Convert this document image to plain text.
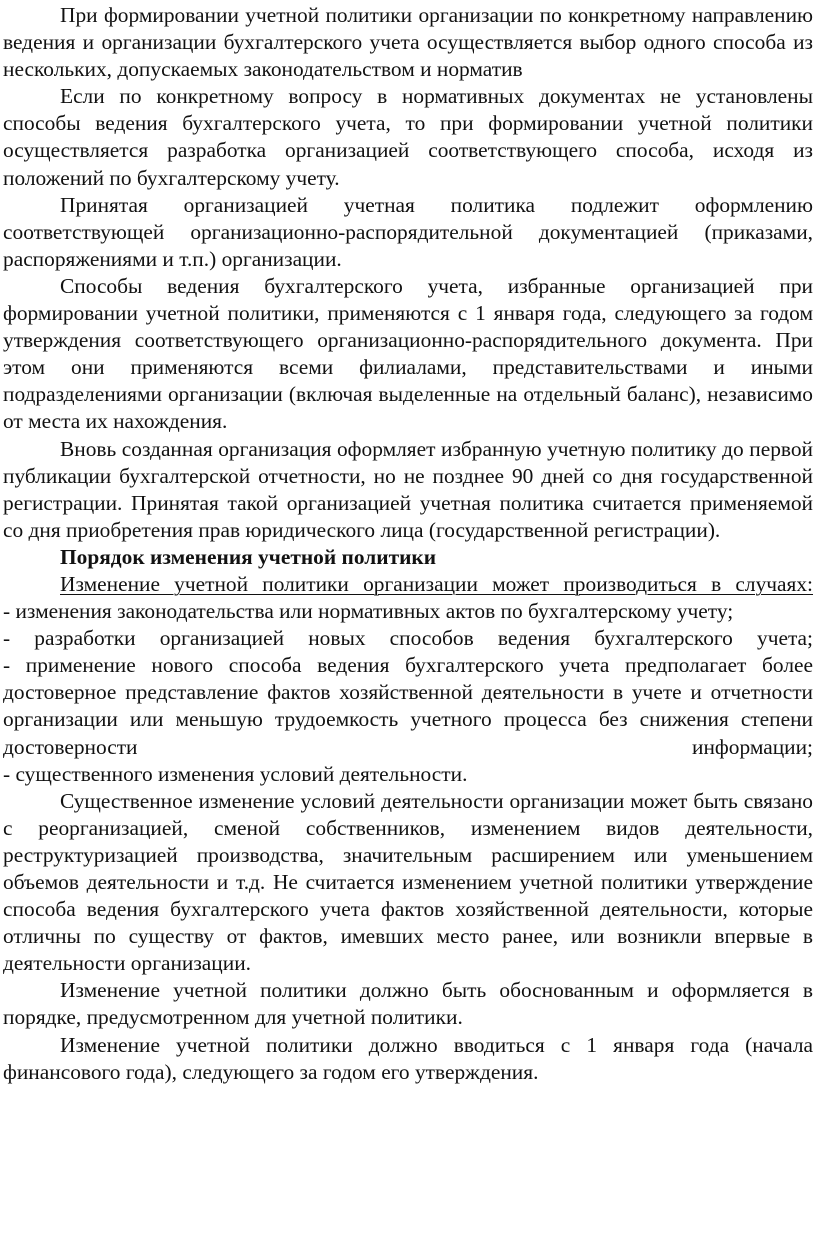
При формировании учетной политики организации по конкретному направлению ведения и организации бухгалтерского учета осуществляется выбор одного способа из нескольких, допускаемых законодательством и норматив

Если по конкретному вопросу в нормативных документах не установлены способы ведения бухгалтерского учета, то при формировании учетной политики осуществляется разработка организацией соответствующего способа, исходя из положений по бухгалтерскому учету.

Принятая организацией учетная политика подлежит оформлению соответствующей организационно-распорядительной документацией (приказами, распоряжениями и т.п.) организации.

Способы ведения бухгалтерского учета, избранные организацией при формировании учетной политики, применяются с 1 января года, следующего за годом утверждения соответствующего организационно-распорядительного документа. При этом они применяются всеми филиалами, представительствами и иными подразделениями организации (включая выделенные на отдельный баланс), независимо от места их нахождения.

Вновь созданная организация оформляет избранную учетную политику до первой публикации бухгалтерской отчетности, но не позднее 90 дней со дня государственной регистрации. Принятая такой организацией учетная политика считается применяемой со дня приобретения прав юридического лица (государственной регистрации).

Порядок изменения учетной политики

Изменение учетной политики организации может производиться в случаях:

- изменения законодательства или нормативных актов по бухгалтерскому учету;

- разработки организацией новых способов ведения бухгалтерского учета;

- применение нового способа ведения бухгалтерского учета предполагает более достоверное представление фактов хозяйственной деятельности в учете и отчетности организации или меньшую трудоемкость учетного процесса без снижения степени достоверности информации;

- существенного изменения условий деятельности.

Существенное изменение условий деятельности организации может быть связано с реорганизацией, сменой собственников, изменением видов деятельности, реструктуризацией производства, значительным расширением или уменьшением объемов деятельности и т.д. Не считается изменением учетной политики утверждение способа ведения бухгалтерского учета фактов хозяйственной деятельности, которые отличны по существу от фактов, имевших место ранее, или возникли впервые в деятельности организации.

Изменение учетной политики должно быть обоснованным и оформляется в порядке, предусмотренном для учетной политики.

Изменение учетной политики должно вводиться с 1 января года (начала финансового года), следующего за годом его утверждения.
